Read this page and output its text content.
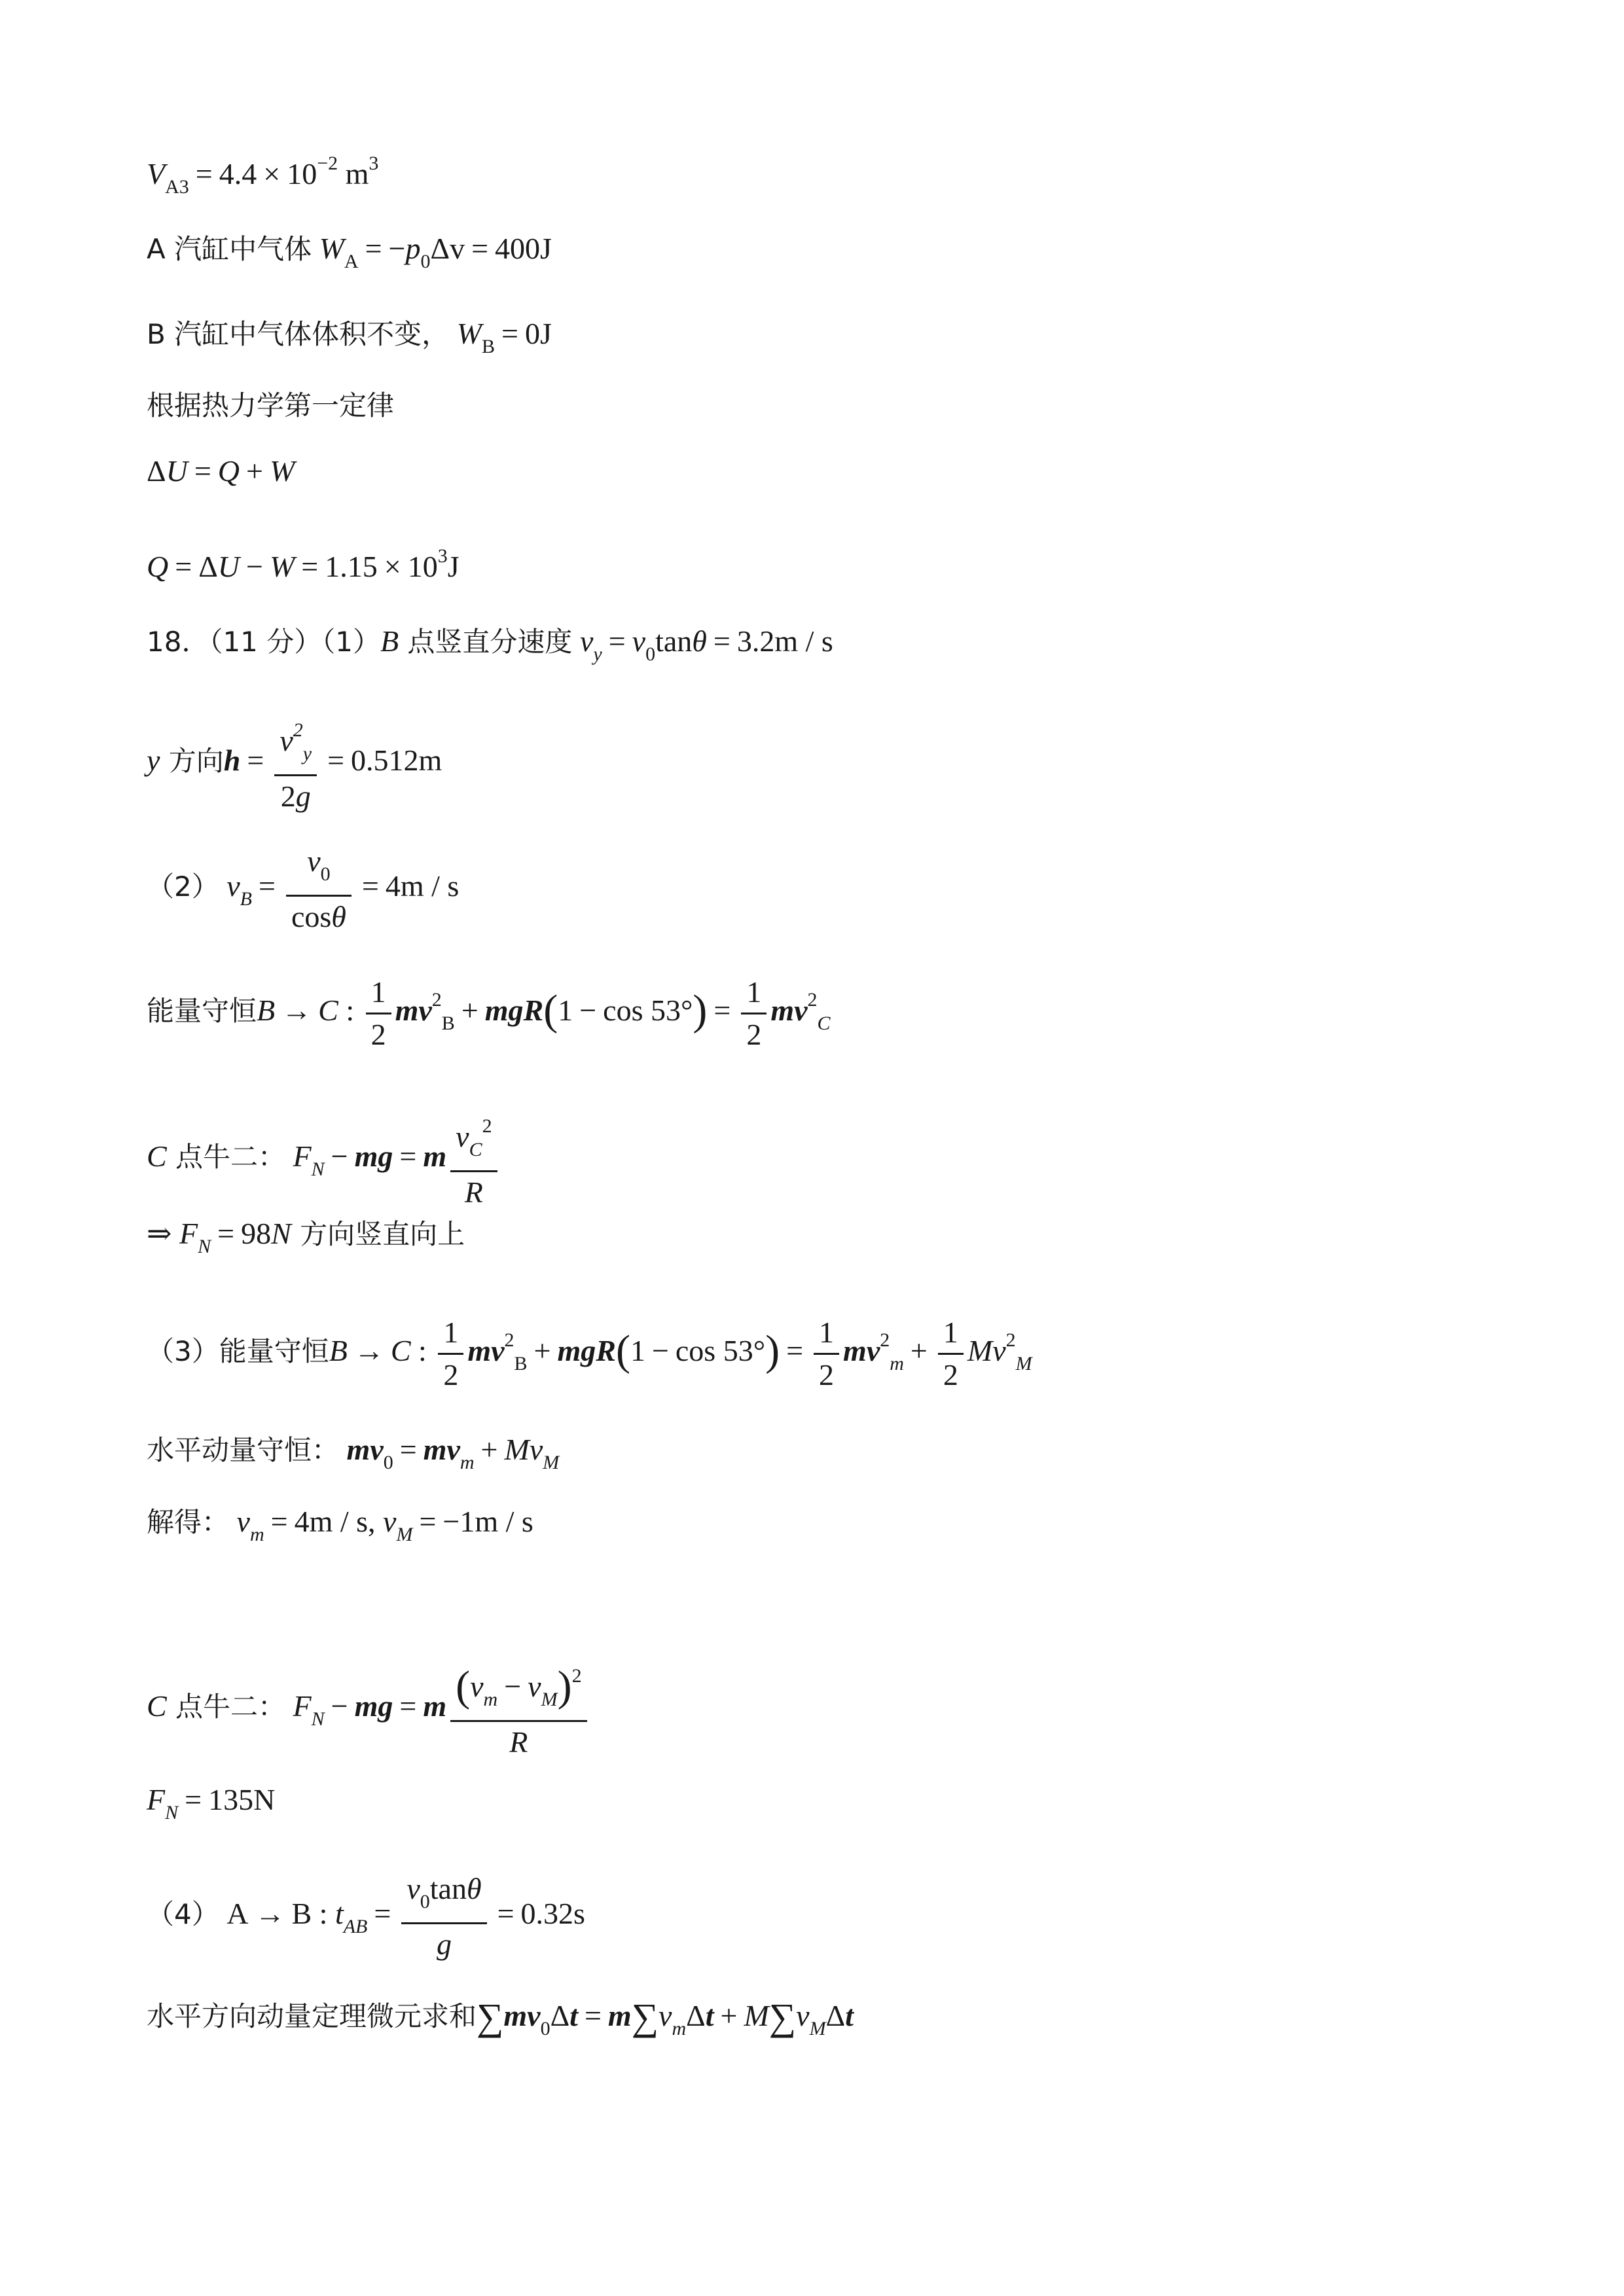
$V_{A3} = 4.4 \times 10^{-2}$ $m^3$
A 汽缸中气体 $W_A = -p_0\Delta v = 400J$
B 汽缸中气体体积不变， $W_B = 0J$
根据热力学第一定律
ΔU = Q + W
$Q = \Delta U - W = 1.15 \times 10^3J$
18．（11 分）（1）B 点竖直分速度 $v_y = v_0\tan\theta = 3.2m / s$
y 方向$h = \frac{v^2_y}{2g} = 0.512m$
（2） $v_B = \frac{v_0}{\cos\theta} = 4m / s$
能量守恒B → C : $\frac{1}{2} mv^2_B + mgR(1 - \cos 53^\circ) = \frac{1}{2} mv^2_C$
C 点牛二： $F_N$ − mg = m $\frac{v_C^2}{R}$
⇒ $F_N = 98N$ 方向竖直向上
（3）能量守恒B → C : $\frac{1}{2} mv^2_B + mgR(1 - \cos 53^\circ) = \frac{1}{2} mv^2_m + \frac{1}{2} Mv^2_M$
水平动量守恒： $mv_0 = mv_m + Mv_M$
解得： $v_m = 4m / s$, $v_M = -1m / s$
C 点牛二： $F_N$ − mg = m $\frac{(v_m - v_M)^2}{R}$
$F_N = 135N$
（4） A → B : $t_{AB} = \frac{v_0\tan\theta}{g} = 0.32s$
水平方向动量定理微元求和$\sum mv_0\Delta t = m\sum v_m\Delta t + M\sum v_M\Delta t$
